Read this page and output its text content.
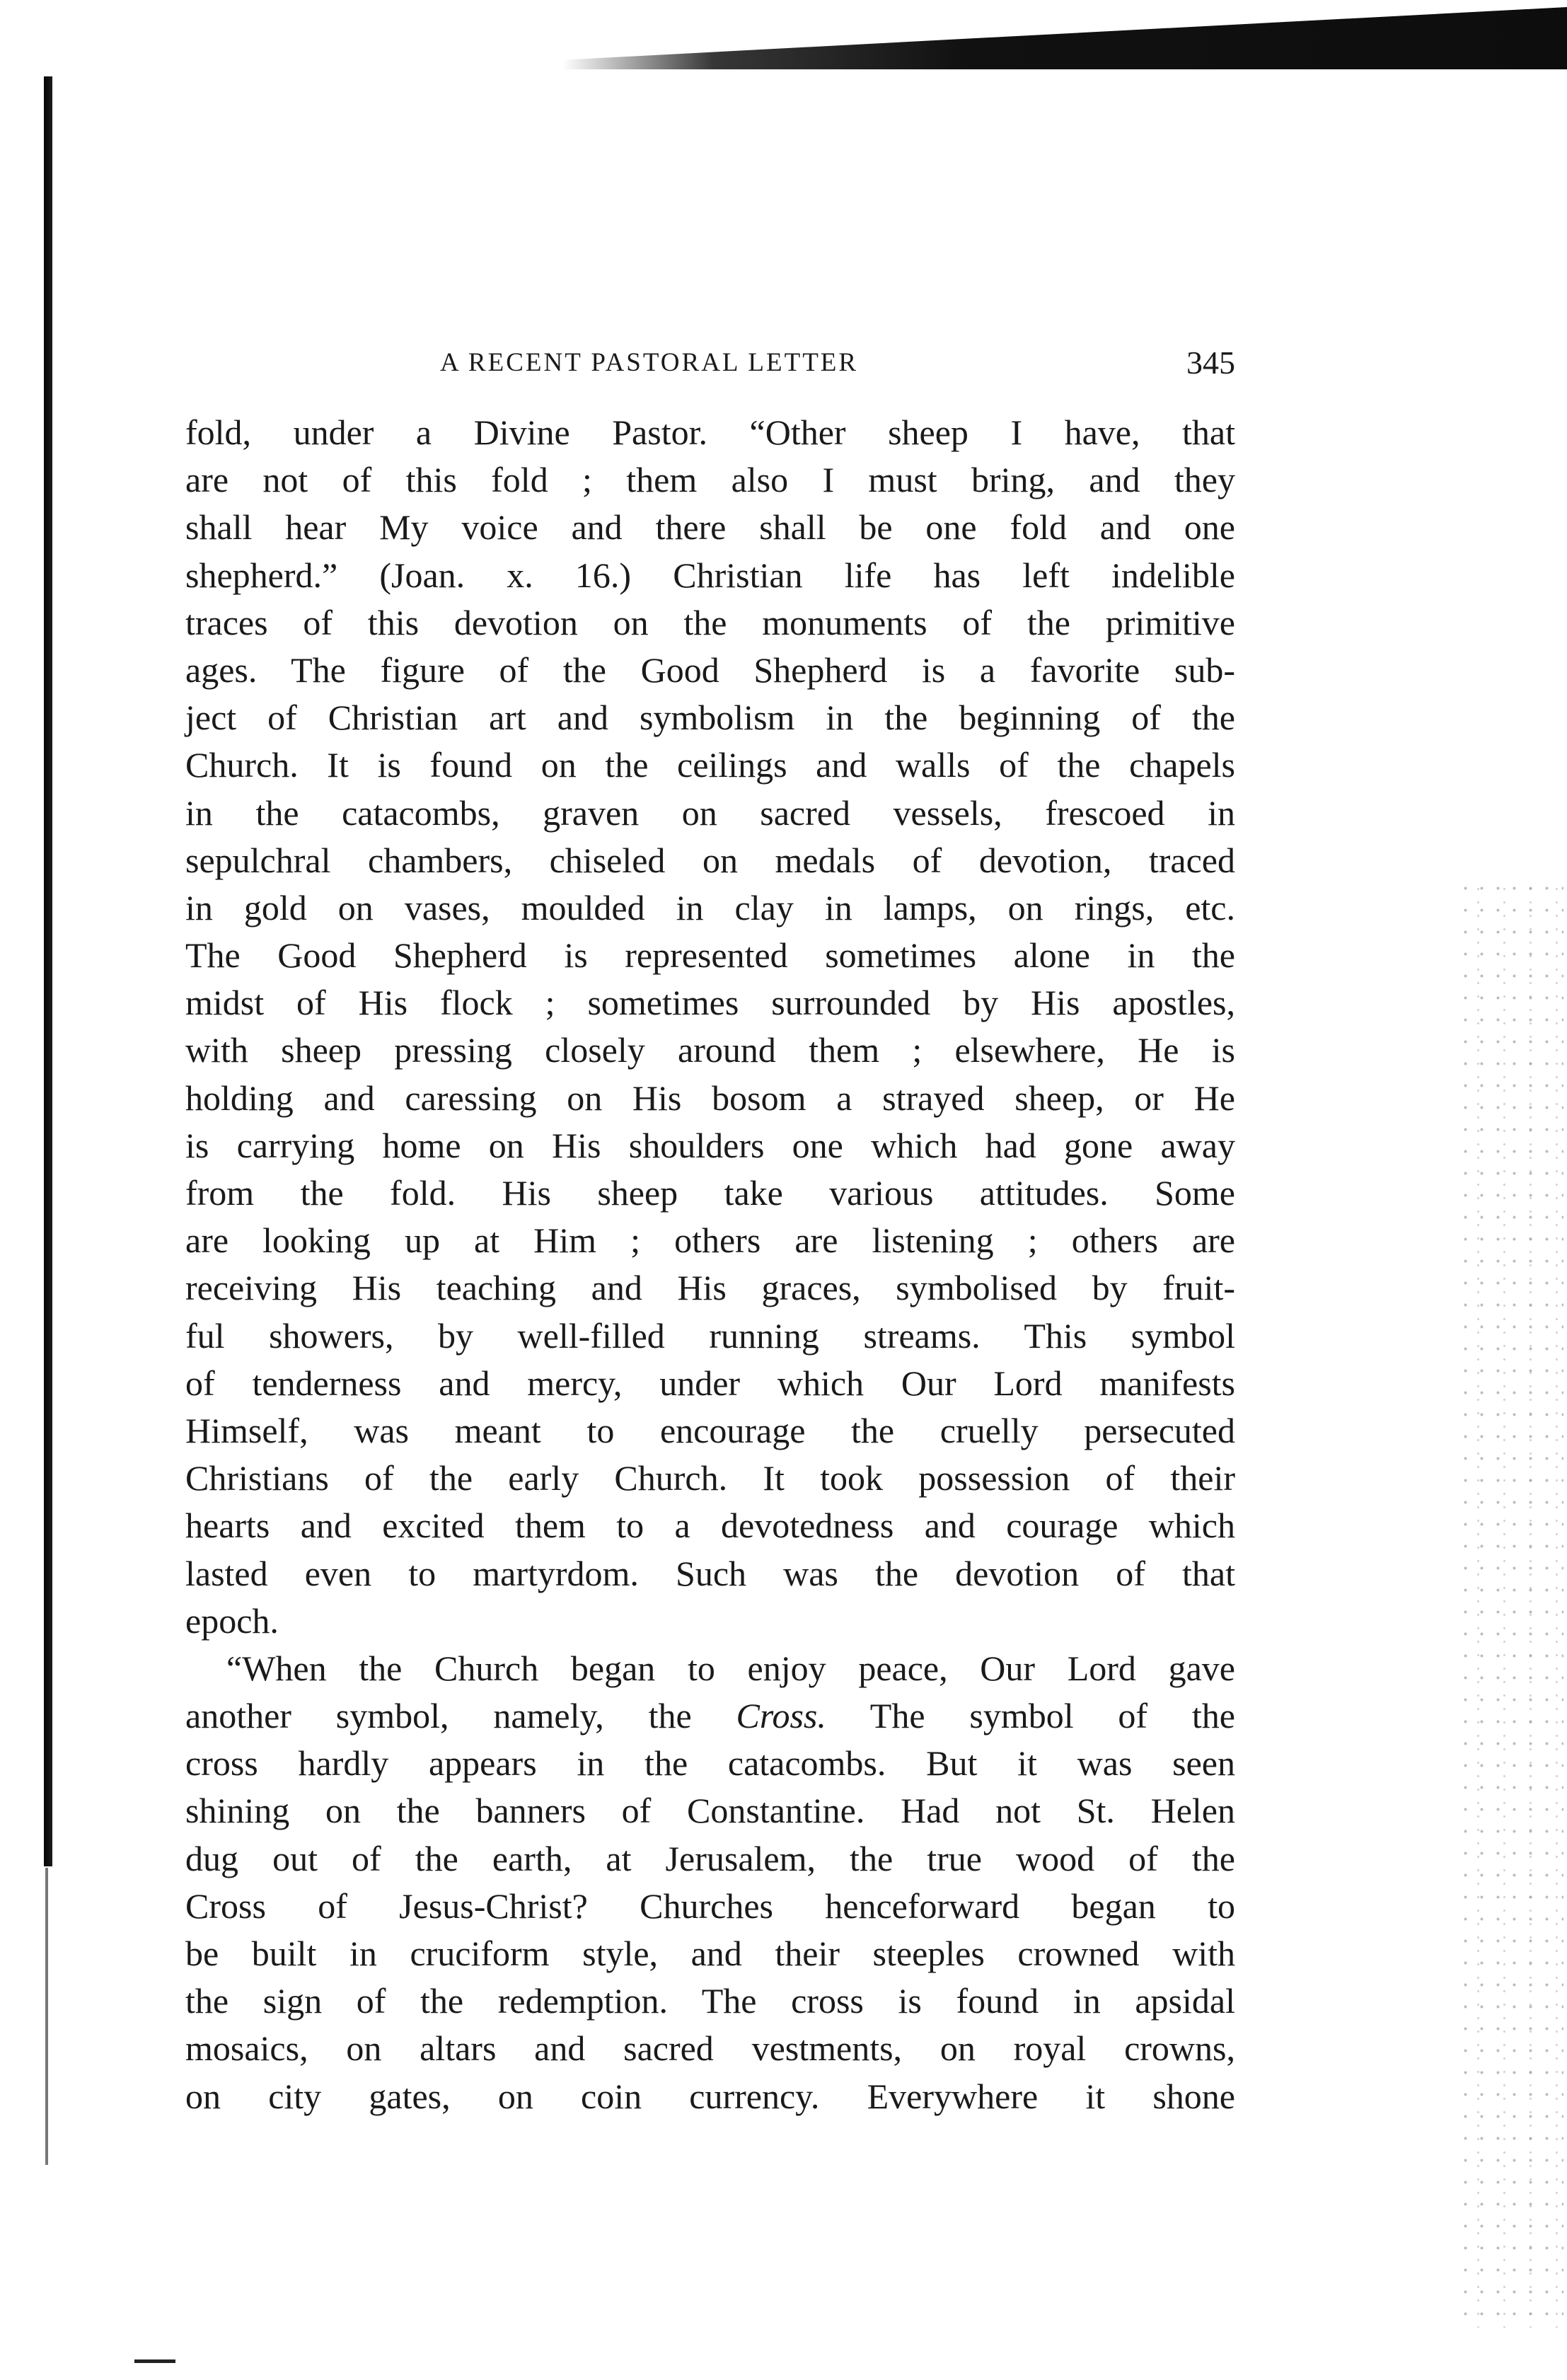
A RECENT PASTORAL LETTER	345
fold, under a Divine Pastor. “Other sheep I have, that
are not of this fold ; them also I must bring, and they
shall hear My voice and there shall be one fold and one
shepherd.” (Joan. x. 16.) Christian life has left indelible
traces of this devotion on the monuments of the primitive
ages. The figure of the Good Shepherd is a favorite sub-
ject of Christian art and symbolism in the beginning of the
Church. It is found on the ceilings and walls of the chapels
in the catacombs, graven on sacred vessels, frescoed in
sepulchral chambers, chiseled on medals of devotion, traced
in gold on vases, moulded in clay in lamps, on rings, etc.
The Good Shepherd is represented sometimes alone in the
midst of His flock ; sometimes surrounded by His apostles,
with sheep pressing closely around them ; elsewhere, He is
holding and caressing on His bosom a strayed sheep, or He
is carrying home on His shoulders one which had gone away
from the fold. His sheep take various attitudes. Some
are looking up at Him ; others are listening ; others are
receiving His teaching and His graces, symbolised by fruit-
ful showers, by well-filled running streams. This symbol
of tenderness and mercy, under which Our Lord manifests
Himself, was meant to encourage the cruelly persecuted
Christians of the early Church. It took possession of their
hearts and excited them to a devotedness and courage which
lasted even to martyrdom. Such was the devotion of that
epoch.
“When the Church began to enjoy peace, Our Lord gave
another symbol, namely, the Cross. The symbol of the
cross hardly appears in the catacombs. But it was seen
shining on the banners of Constantine. Had not St. Helen
dug out of the earth, at Jerusalem, the true wood of the
Cross of Jesus-Christ? Churches henceforward began to
be built in cruciform style, and their steeples crowned with
the sign of the redemption. The cross is found in apsidal
mosaics, on altars and sacred vestments, on royal crowns,
on city gates, on coin currency. Everywhere it shone
